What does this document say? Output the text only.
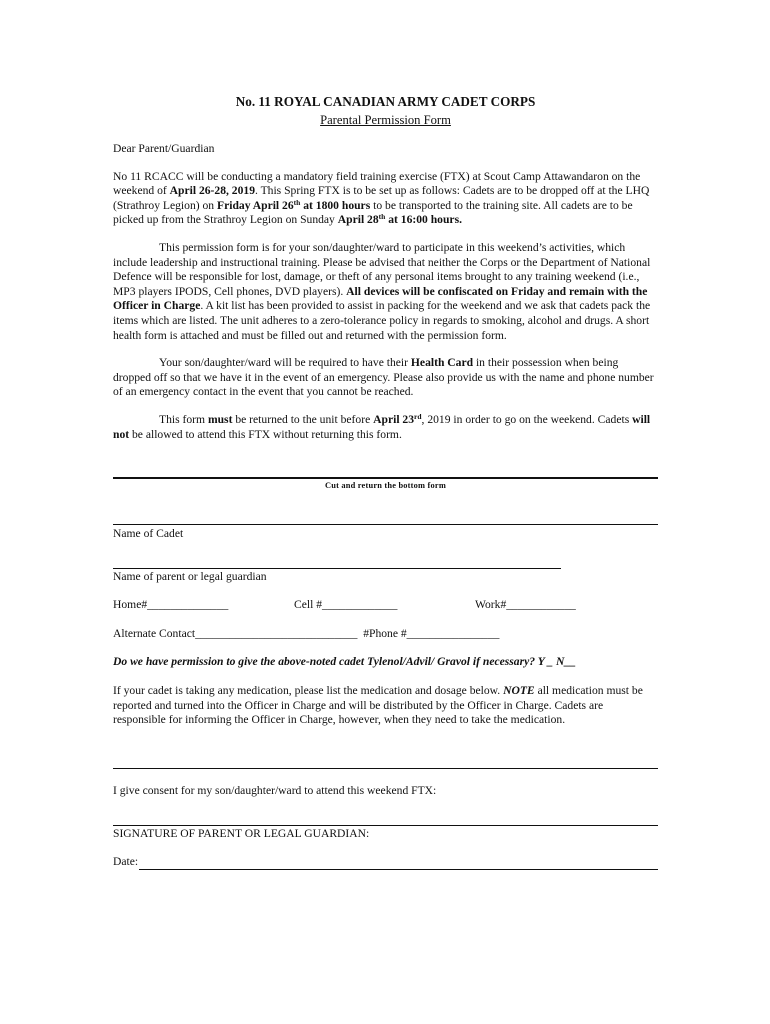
No. 11 ROYAL CANADIAN ARMY CADET CORPS
Parental Permission Form

Dear Parent/Guardian

No 11 RCACC will be conducting a mandatory field training exercise (FTX) at Scout Camp Attawandaron on the weekend of April 26-28, 2019. This Spring FTX is to be set up as follows: Cadets are to be dropped off at the LHQ (Strathroy Legion) on Friday April 26th at 1800 hours to be transported to the training site. All cadets are to be picked up from the Strathroy Legion on Sunday April 28th at 16:00 hours.

This permission form is for your son/daughter/ward to participate in this weekend’s activities, which include leadership and instructional training. Please be advised that neither the Corps or the Department of National Defence will be responsible for lost, damage, or theft of any personal items brought to any training weekend (i.e., MP3 players IPODS, Cell phones, DVD players). All devices will be confiscated on Friday and remain with the Officer in Charge. A kit list has been provided to assist in packing for the weekend and we ask that cadets pack the items which are listed. The unit adheres to a zero-tolerance policy in regards to smoking, alcohol and drugs. A short health form is attached and must be filled out and returned with the permission form.

Your son/daughter/ward will be required to have their Health Card in their possession when being dropped off so that we have it in the event of an emergency. Please also provide us with the name and phone number of an emergency contact in the event that you cannot be reached.

This form must be returned to the unit before April 23rd, 2019 in order to go on the weekend. Cadets will not be allowed to attend this FTX without returning this form.

Cut and return the bottom form
Name of Cadet
Name of parent or legal guardian
Home#______________	Cell #_____________	Work#____________
Alternate Contact____________________________  #Phone #________________
Do we have permission to give the above-noted cadet Tylenol/Advil/ Gravol if necessary? Y _ N__

If your cadet is taking any medication, please list the medication and dosage below. NOTE all medication must be reported and turned into the Officer in Charge and will be distributed by the Officer in Charge. Cadets are responsible for informing the Officer in Charge, however, when they need to take the medication.

I give consent for my son/daughter/ward to attend this weekend FTX:
SIGNATURE OF PARENT OR LEGAL GUARDIAN:
Date:
